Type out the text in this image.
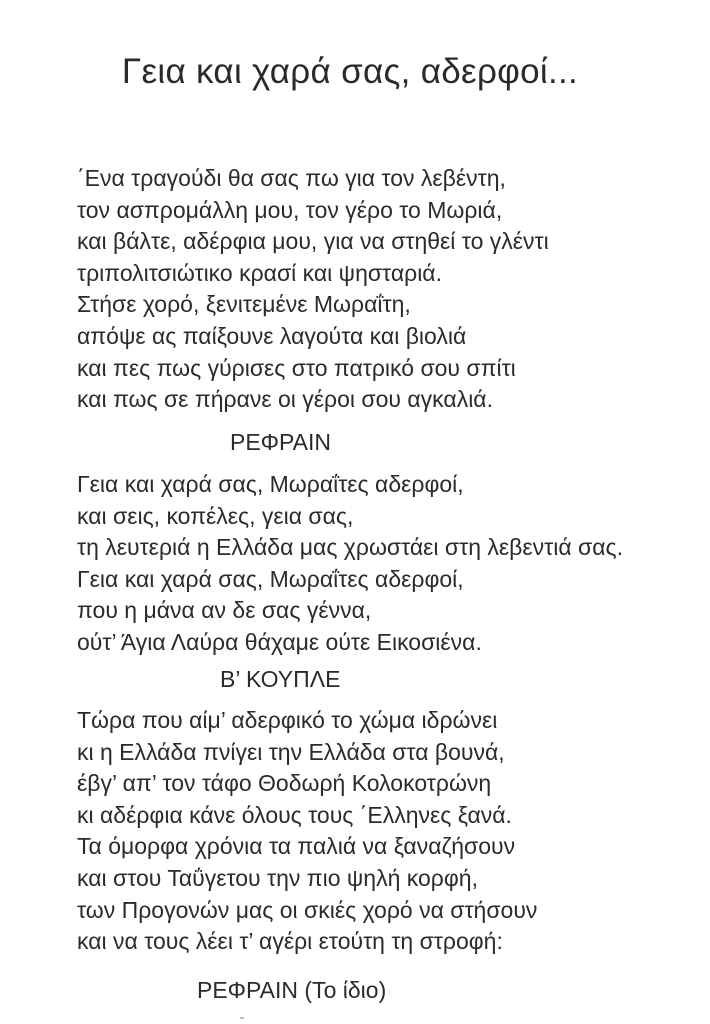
Γεια και χαρά σας, αδερφοί...
΄Ενα τραγούδι θα σας πω για τον λεβέντη,
τον ασπρομάλλη μου, τον γέρο το Μωριά,
και βάλτε, αδέρφια μου, για να στηθεί το γλέντι
τριπολιτσιώτικο κρασί και ψησταριά.
Στήσε χορό, ξενιτεμένε Μωραΐτη,
απόψε ας παίξουνε λαγούτα και βιολιά
και πες πως γύρισες στο πατρικό σου σπίτι
και πως σε πήρανε οι γέροι σου αγκαλιά.
ΡΕΦΡΑΙΝ
Γεια και χαρά σας, Μωραΐτες αδερφοί,
και σεις, κοπέλες, γεια σας,
τη λευτεριά η Ελλάδα μας χρωστάει στη λεβεντιά σας.
Γεια και χαρά σας, Μωραΐτες αδερφοί,
που η μάνα αν δε σας γέννα,
ούτ’ Άγια Λαύρα θάχαμε ούτε Εικοσιένα.
Β’ ΚΟΥΠΛΕ
Τώρα που αίμ’ αδερφικό το χώμα ιδρώνει
κι η Ελλάδα πνίγει την Ελλάδα στα βουνά,
έβγ’ απ’ τον τάφο Θοδωρή Κολοκοτρώνη
κι αδέρφια κάνε όλους τους ΄Ελληνες ξανά.
Τα όμορφα χρόνια τα παλιά να ξαναζήσουν
και στου Ταΰγετου την πιο ψηλή κορφή,
των Προγονών μας οι σκιές χορό να στήσουν
και να τους λέει τ’ αγέρι ετούτη τη στροφή:
ΡΕΦΡΑΙΝ (Το ίδιο)
